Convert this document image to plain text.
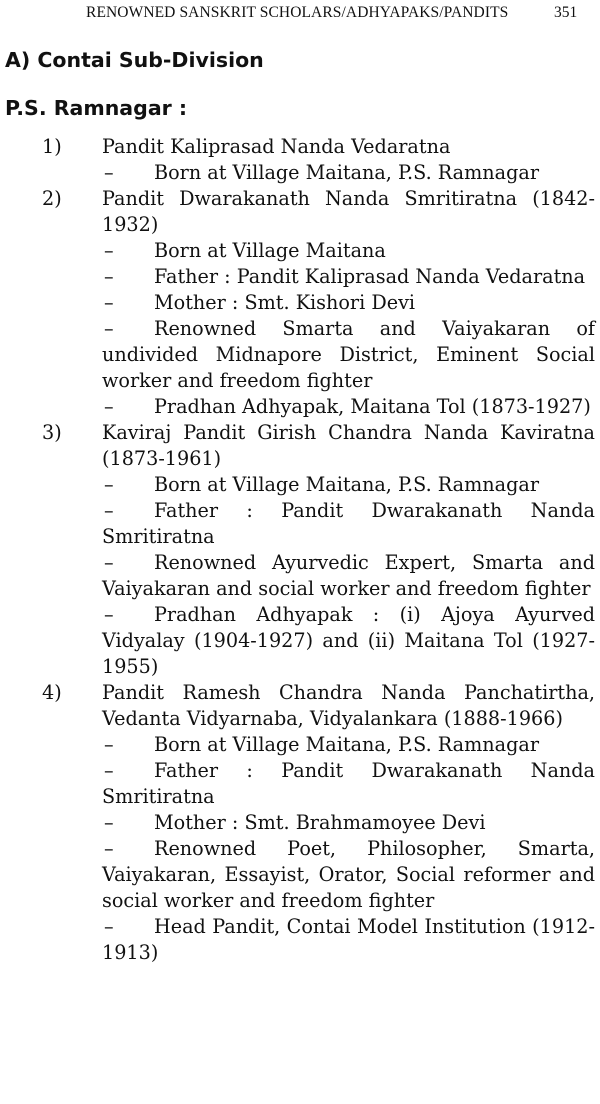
RENOWNED SANSKRIT SCHOLARS/ADHYAPAKS/PANDITS	351
A) Contai Sub-Division
P.S. Ramnagar :
1) Pandit Kaliprasad Nanda Vedaratna
– Born at Village Maitana, P.S. Ramnagar
2) Pandit Dwarakanath Nanda Smritiratna (1842-1932)
– Born at Village Maitana
– Father : Pandit Kaliprasad Nanda Vedaratna
– Mother : Smt. Kishori Devi
– Renowned Smarta and Vaiyakaran of undivided Midnapore District, Eminent Social worker and freedom fighter
– Pradhan Adhyapak, Maitana Tol (1873-1927)
3) Kaviraj Pandit Girish Chandra Nanda Kaviratna (1873-1961)
– Born at Village Maitana, P.S. Ramnagar
– Father : Pandit Dwarakanath Nanda Smritiratna
– Renowned Ayurvedic Expert, Smarta and Vaiyakaran and social worker and freedom fighter
– Pradhan Adhyapak : (i) Ajoya Ayurved Vidyalay (1904-1927) and (ii) Maitana Tol (1927-1955)
4) Pandit Ramesh Chandra Nanda Panchatirtha, Vedanta Vidyarnaba, Vidyalankara (1888-1966)
– Born at Village Maitana, P.S. Ramnagar
– Father : Pandit Dwarakanath Nanda Smritiratna
– Mother : Smt. Brahmamoyee Devi
– Renowned Poet, Philosopher, Smarta, Vaiyakaran, Essayist, Orator, Social reformer and social worker and freedom fighter
– Head Pandit, Contai Model Institution (1912-1913)
